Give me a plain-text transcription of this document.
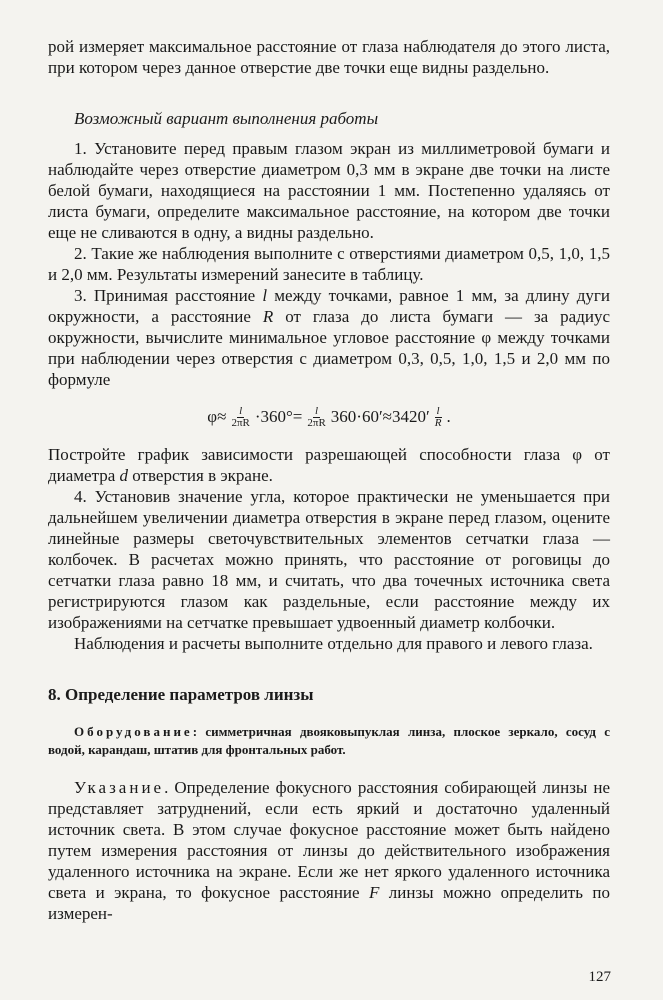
рой измеряет максимальное расстояние от глаза наблюдателя до этого листа, при котором через данное отверстие две точки еще видны раздельно.

Возможный вариант выполнения работы

1. Установите перед правым глазом экран из миллиметровой бумаги и наблюдайте через отверстие диаметром 0,3 мм в экране две точки на листе белой бумаги, находящиеся на расстоянии 1 мм. Постепенно удаляясь от листа бумаги, определите максимальное расстояние, на котором две точки еще не сливаются в одну, а видны раздельно.

2. Такие же наблюдения выполните с отверстиями диаметром 0,5, 1,0, 1,5 и 2,0 мм. Результаты измерений занесите в таблицу.

3. Принимая расстояние l между точками, равное 1 мм, за длину дуги окружности, а расстояние R от глаза до листа бумаги — за радиус окружности, вычислите минимальное угловое расстояние φ между точками при наблюдении через отверстия с диаметром 0,3, 0,5, 1,0, 1,5 и 2,0 мм по формуле

$\varphi\approx \frac{l}{2\pi R} \cdot 360^\circ= \frac{l}{2\pi R} 360\cdot 60'\approx 3420' \frac{l}{R}$ .

Постройте график зависимости разрешающей способности глаза φ от диаметра d отверстия в экране.

4. Установив значение угла, которое практически не уменьшается при дальнейшем увеличении диаметра отверстия в экране перед глазом, оцените линейные размеры светочувствительных элементов сетчатки глаза — колбочек. В расчетах можно принять, что расстояние от роговицы до сетчатки глаза равно 18 мм, и считать, что два точечных источника света регистрируются глазом как раздельные, если расстояние между их изображениями на сетчатке превышает удвоенный диаметр колбочки.

Наблюдения и расчеты выполните отдельно для правого и левого глаза.

8. Определение параметров линзы

Оборудование: симметричная двояковыпуклая линза, плоское зеркало, сосуд с водой, карандаш, штатив для фронтальных работ.

Указание. Определение фокусного расстояния собирающей линзы не представляет затруднений, если есть яркий и достаточно удаленный источник света. В этом случае фокусное расстояние может быть найдено путем измерения расстояния от линзы до действительного изображения удаленного источника на экране. Если же нет яркого удаленного источника света и экрана, то фокусное расстояние F линзы можно определить по измерен-

127
